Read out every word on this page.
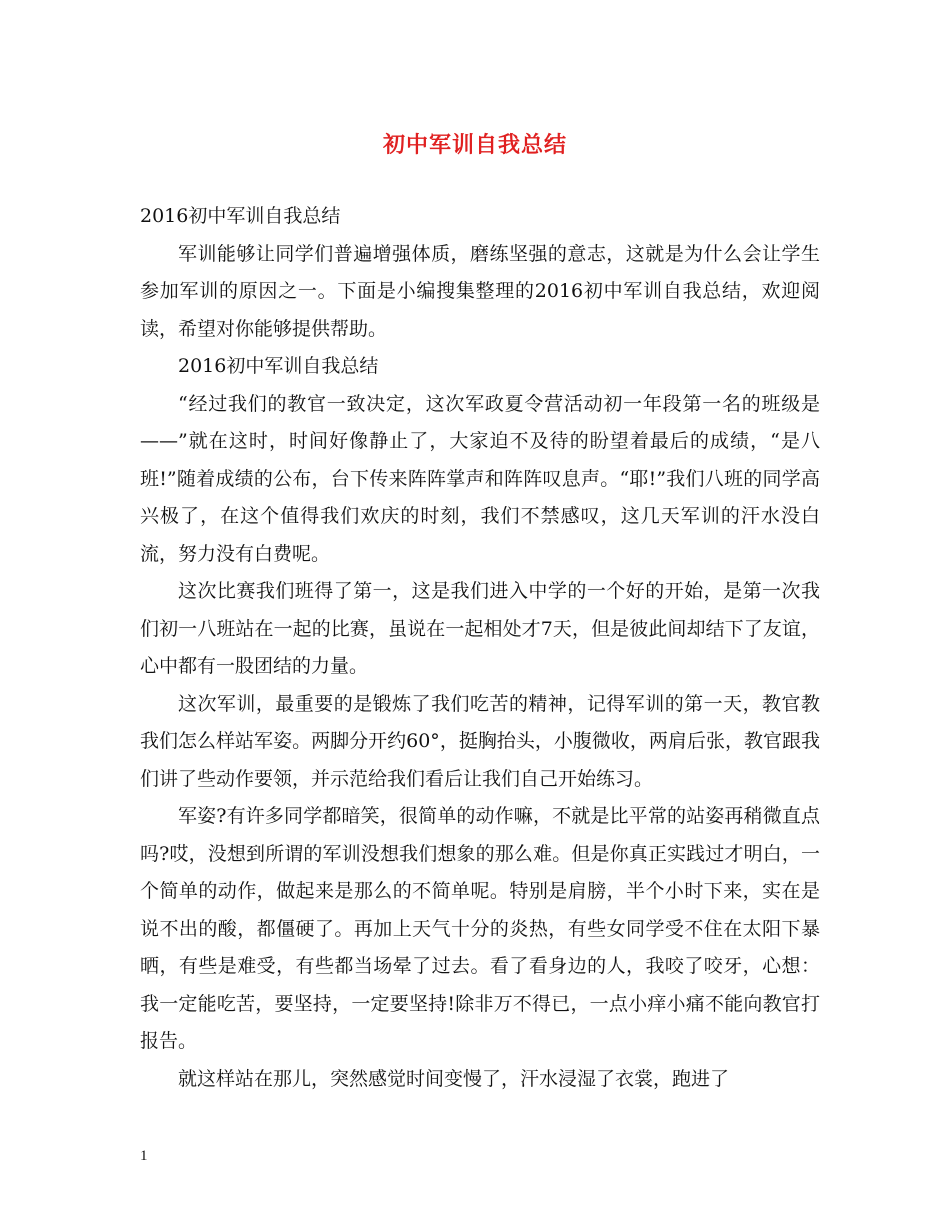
初中军训自我总结

2016初中军训自我总结

军训能够让同学们普遍增强体质，磨练坚强的意志，这就是为什么会让学生参加军训的原因之一。下面是小编搜集整理的2016初中军训自我总结，欢迎阅读，希望对你能够提供帮助。

2016初中军训自我总结

“经过我们的教官一致决定，这次军政夏令营活动初一年段第一名的班级是——”就在这时，时间好像静止了，大家迫不及待的盼望着最后的成绩，“是八班!”随着成绩的公布，台下传来阵阵掌声和阵阵叹息声。“耶!”我们八班的同学高兴极了，在这个值得我们欢庆的时刻，我们不禁感叹，这几天军训的汗水没白流，努力没有白费呢。

这次比赛我们班得了第一，这是我们进入中学的一个好的开始，是第一次我们初一八班站在一起的比赛，虽说在一起相处才7天，但是彼此间却结下了友谊，心中都有一股团结的力量。

这次军训，最重要的是锻炼了我们吃苦的精神，记得军训的第一天，教官教我们怎么样站军姿。两脚分开约60°，挺胸抬头，小腹微收，两肩后张，教官跟我们讲了些动作要领，并示范给我们看后让我们自己开始练习。

军姿?有许多同学都暗笑，很简单的动作嘛，不就是比平常的站姿再稍微直点吗?哎，没想到所谓的军训没想我们想象的那么难。但是你真正实践过才明白，一个简单的动作，做起来是那么的不简单呢。特别是肩膀，半个小时下来，实在是说不出的酸，都僵硬了。再加上天气十分的炎热，有些女同学受不住在太阳下暴晒，有些是难受，有些都当场晕了过去。看了看身边的人，我咬了咬牙，心想：我一定能吃苦，要坚持，一定要坚持!除非万不得已，一点小痒小痛不能向教官打报告。

就这样站在那儿，突然感觉时间变慢了，汗水浸湿了衣裳，跑进了

1
